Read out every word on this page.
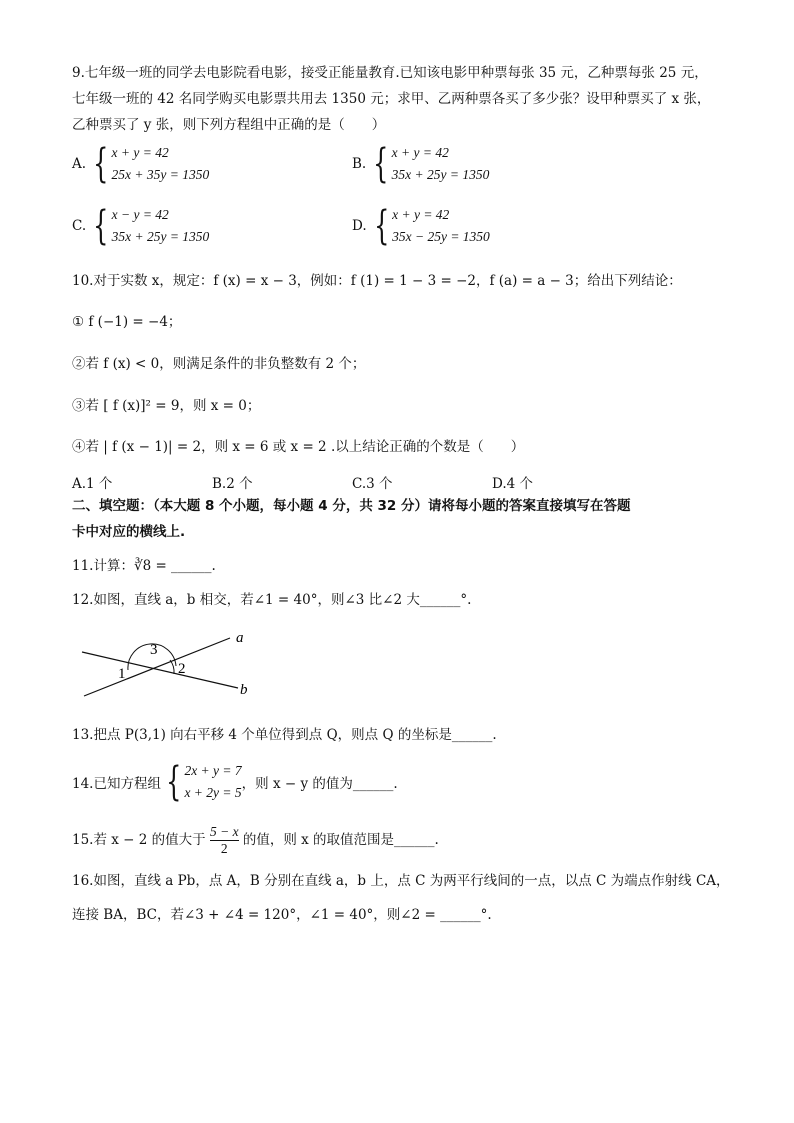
9.七年级一班的同学去电影院看电影，接受正能量教育.已知该电影甲种票每张 35 元，乙种票每张 25 元，
七年级一班的 42 名同学购买电影票共用去 1350 元；求甲、乙两种票各买了多少张？设甲种票买了 x 张，
乙种票买了 y 张，则下列方程组中正确的是（　　）
A. { x + y = 42
25x + 35y = 1350
B. { x + y = 42
35x + 25y = 1350
C. { x − y = 42
35x + 25y = 1350
D. { x + y = 42
35x − 25y = 1350
10.对于实数 x，规定：f (x) = x − 3，例如：f (1) = 1 − 3 = −2，f (a) = a − 3；给出下列结论：
① f (−1) = −4；
②若 f (x) < 0，则满足条件的非负整数有 2 个；
③若 [ f (x)]² = 9，则 x = 0；
④若 | f (x − 1)| = 2，则 x = 6 或 x = 2 .以上结论正确的个数是（　　）
A.1 个	B.2 个	C.3 个	D.4 个
二、填空题：（本大题 8 个小题，每小题 4 分，共 32 分）请将每小题的答案直接填写在答题
卡中对应的横线上.
11.计算：∛8 = ______.
12.如图，直线 a，b 相交，若∠1 = 40°，则∠3 比∠2 大______°.
3
1	2
a
b
13.把点 P(3,1) 向右平移 4 个单位得到点 Q，则点 Q 的坐标是______.
14.已知方程组 { 2x + y = 7
x + 2y = 5
，则 x − y 的值为______.
15.若 x − 2 的值大于 $\frac{5 - x}{2}$ 的值，则 x 的取值范围是______.
16.如图，直线 a Pb，点 A，B 分别在直线 a，b 上，点 C 为两平行线间的一点，以点 C 为端点作射线 CA，
连接 BA，BC，若∠3 + ∠4 = 120°，∠1 = 40°，则∠2 = ______°.
